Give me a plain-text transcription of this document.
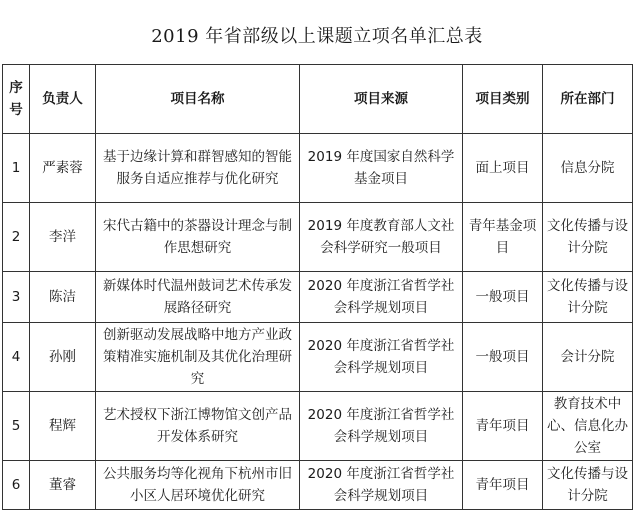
2019 年省部级以上课题立项名单汇总表
序
号	负责人	项目名称	项目来源	项目类别	所在部门
1	严素蓉	基于边缘计算和群智感知的智能服务自适应推荐与优化研究	2019 年度国家自然科学基金项目	面上项目	信息分院
2	李洋	宋代古籍中的茶器设计理念与制作思想研究	2019 年度教育部人文社会科学研究一般项目	青年基金项目	文化传播与设计分院
3	陈洁	新媒体时代温州鼓词艺术传承发展路径研究	2020 年度浙江省哲学社会科学规划项目	一般项目	文化传播与设计分院
4	孙刚	创新驱动发展战略中地方产业政策精准实施机制及其优化治理研究	2020 年度浙江省哲学社会科学规划项目	一般项目	会计分院
5	程辉	艺术授权下浙江博物馆文创产品开发体系研究	2020 年度浙江省哲学社会科学规划项目	青年项目	教育技术中心、信息化办公室
6	董睿	公共服务均等化视角下杭州市旧小区人居环境优化研究	2020 年度浙江省哲学社会科学规划项目	青年项目	文化传播与设计分院
